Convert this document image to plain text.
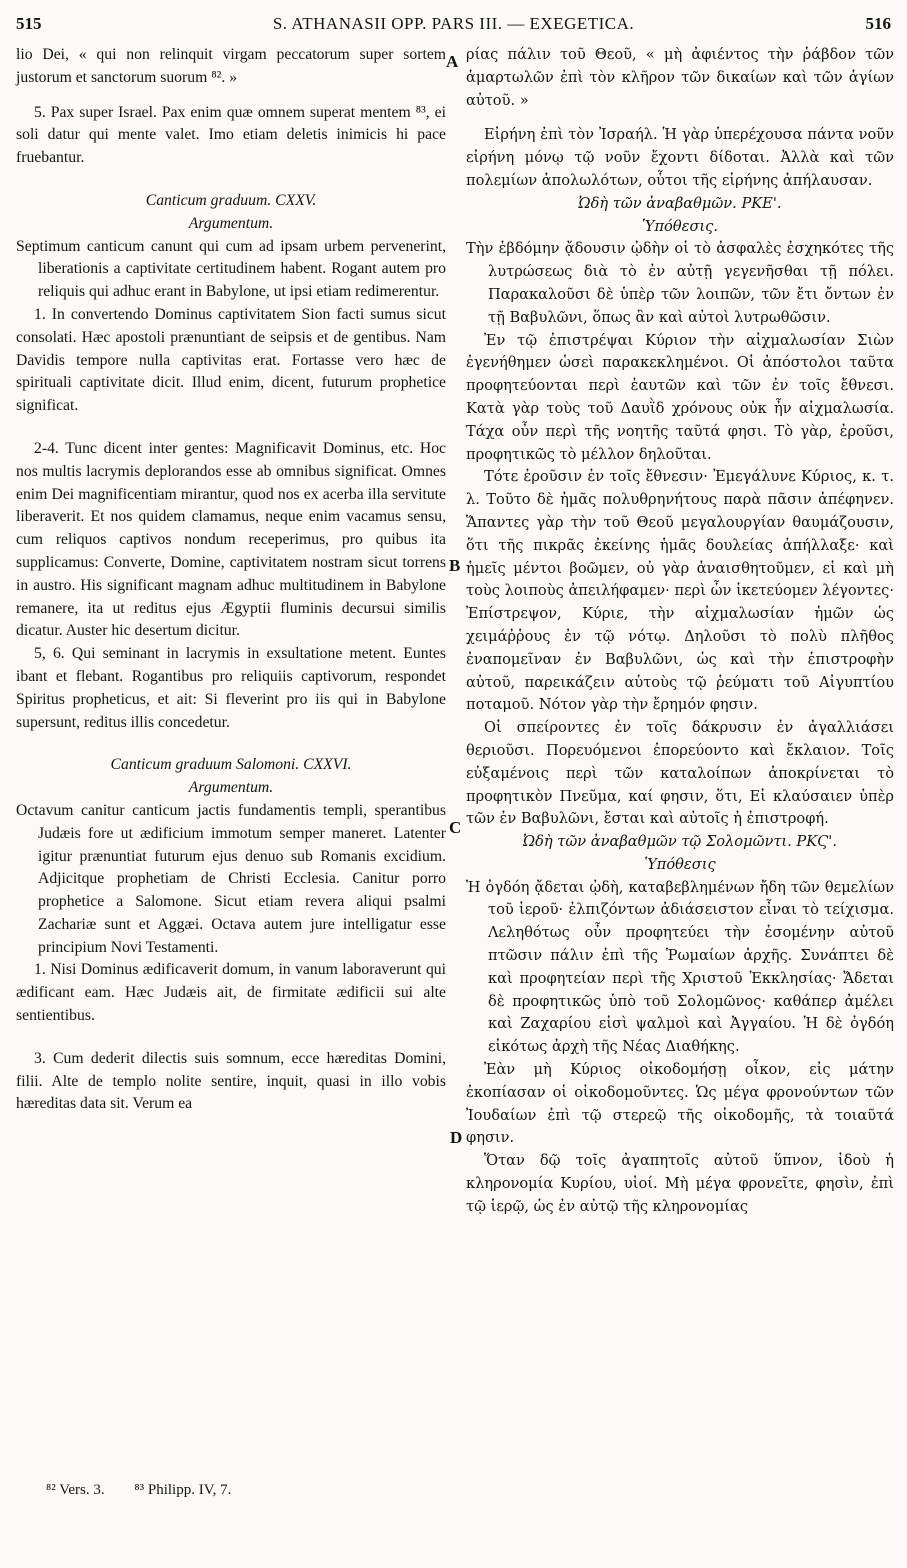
515	S. ATHANASII OPP. PARS III. — EXEGETICA.	516
A
B
C
D

lio Dei, « qui non relinquit virgam peccatorum super sortem justorum et sanctorum suorum ⁸². »

5. Pax super Israel. Pax enim quæ omnem superat mentem ⁸³, ei soli datur qui mente valet. Imo etiam deletis inimicis hi pace fruebantur.

Canticum graduum. CXXV.

Argumentum.

Septimum canticum canunt qui cum ad ipsam urbem pervenerint, liberationis a captivitate certitudinem habent. Rogant autem pro reliquis qui adhuc erant in Babylone, ut ipsi etiam redimerentur.

1. In convertendo Dominus captivitatem Sion facti sumus sicut consolati. Hæc apostoli prænuntiant de seipsis et de gentibus. Nam Davidis tempore nulla captivitas erat. Fortasse vero hæc de spirituali captivitate dicit. Illud enim, dicent, futurum prophetice significat.

2-4. Tunc dicent inter gentes: Magnificavit Dominus, etc. Hoc nos multis lacrymis deplorandos esse ab omnibus significat. Omnes enim Dei magnificentiam mirantur, quod nos ex acerba illa servitute liberaverit. Et nos quidem clamamus, neque enim vacamus sensu, cum reliquos captivos nondum receperimus, pro quibus ita supplicamus: Converte, Domine, captivitatem nostram sicut torrens in austro. His significant magnam adhuc multitudinem in Babylone remanere, ita ut reditus ejus Ægyptii fluminis decursui similis dicatur. Auster hic desertum dicitur.

5, 6. Qui seminant in lacrymis in exsultatione metent. Euntes ibant et flebant. Rogantibus pro reliquiis captivorum, respondet Spiritus propheticus, et ait: Si fleverint pro iis qui in Babylone supersunt, reditus illis concedetur.

Canticum graduum Salomoni. CXXVI.

Argumentum.

Octavum canitur canticum jactis fundamentis templi, sperantibus Judæis fore ut ædificium immotum semper maneret. Latenter igitur prænuntiat futurum ejus denuo sub Romanis excidium. Adjicitque prophetiam de Christi Ecclesia. Canitur porro prophetice a Salomone. Sicut etiam revera aliqui psalmi Zachariæ sunt et Aggæi. Octava autem jure intelligatur esse principium Novi Testamenti.

1. Nisi Dominus ædificaverit domum, in vanum laboraverunt qui ædificant eam. Hæc Judæis ait, de firmitate ædificii sui alte sentientibus.

3. Cum dederit dilectis suis somnum, ecce hæreditas Domini, filii. Alte de templo nolite sentire, inquit, quasi in illo vobis hæreditas data sit. Verum ea

ρίας πάλιν τοῦ Θεοῦ, « μὴ ἀφιέντος τὴν ῥάβδον τῶν ἁμαρτωλῶν ἐπὶ τὸν κλῆρον τῶν δικαίων καὶ τῶν ἁγίων αὐτοῦ. »

Εἰρήνη ἐπὶ τὸν Ἰσραήλ. Ἡ γὰρ ὑπερέχουσα πάντα νοῦν εἰρήνη μόνῳ τῷ νοῦν ἔχοντι δίδοται. Ἀλλὰ καὶ τῶν πολεμίων ἀπολωλότων, οὗτοι τῆς εἰρήνης ἀπήλαυσαν.

Ὠδὴ τῶν ἀναβαθμῶν. ΡΚΕ'.

Ὑπόθεσις.

Τὴν ἑβδόμην ᾄδουσιν ᾠδὴν οἱ τὸ ἀσφαλὲς ἐσχηκότες τῆς λυτρώσεως διὰ τὸ ἐν αὐτῇ γεγενῆσθαι τῇ πόλει. Παρακαλοῦσι δὲ ὑπὲρ τῶν λοιπῶν, τῶν ἔτι ὄντων ἐν τῇ Βαβυλῶνι, ὅπως ἂν καὶ αὐτοὶ λυτρωθῶσιν.

Ἐν τῷ ἐπιστρέψαι Κύριον τὴν αἰχμαλωσίαν Σιὼν ἐγενήθημεν ὡσεὶ παρακεκλημένοι. Οἱ ἀπόστολοι ταῦτα προφητεύονται περὶ ἑαυτῶν καὶ τῶν ἐν τοῖς ἔθνεσι. Κατὰ γὰρ τοὺς τοῦ Δαυῒδ χρόνους οὐκ ἦν αἰχμαλωσία. Τάχα οὖν περὶ τῆς νοητῆς ταῦτά φησι. Τὸ γὰρ, ἐροῦσι, προφητικῶς τὸ μέλλον δηλοῦται.

Τότε ἐροῦσιν ἐν τοῖς ἔθνεσιν· Ἐμεγάλυνε Κύριος, κ. τ. λ. Τοῦτο δὲ ἡμᾶς πολυθρηνήτους παρὰ πᾶσιν ἀπέφηνεν. Ἅπαντες γὰρ τὴν τοῦ Θεοῦ μεγαλουργίαν θαυμάζουσιν, ὅτι τῆς πικρᾶς ἐκείνης ἡμᾶς δουλείας ἀπήλλαξε· καὶ ἡμεῖς μέντοι βοῶμεν, οὐ γὰρ ἀναισθητοῦμεν, εἰ καὶ μὴ τοὺς λοιποὺς ἀπειλήφαμεν· περὶ ὧν ἱκετεύομεν λέγοντες· Ἐπίστρεψον, Κύριε, τὴν αἰχμαλωσίαν ἡμῶν ὡς χειμάῤῥους ἐν τῷ νότῳ. Δηλοῦσι τὸ πολὺ πλῆθος ἐναπομεῖναν ἐν Βαβυλῶνι, ὡς καὶ τὴν ἐπιστροφὴν αὐτοῦ, παρεικάζειν αὐτοὺς τῷ ῥεύματι τοῦ Αἰγυπτίου ποταμοῦ. Νότον γὰρ τὴν ἔρημόν φησιν.

Οἱ σπείροντες ἐν τοῖς δάκρυσιν ἐν ἀγαλλιάσει θεριοῦσι. Πορευόμενοι ἐπορεύοντο καὶ ἔκλαιον. Τοῖς εὐξαμένοις περὶ τῶν καταλοίπων ἀποκρίνεται τὸ προφητικὸν Πνεῦμα, καί φησιν, ὅτι, Εἰ κλαύσαιεν ὑπὲρ τῶν ἐν Βαβυλῶνι, ἔσται καὶ αὐτοῖς ἡ ἐπιστροφή.

Ὠδὴ τῶν ἀναβαθμῶν τῷ Σολομῶντι. ΡΚϚ'.

Ὑπόθεσις

Ἡ ὀγδόη ᾄδεται ᾠδὴ, καταβεβλημένων ἤδη τῶν θεμελίων τοῦ ἱεροῦ· ἐλπιζόντων ἀδιάσειστον εἶναι τὸ τείχισμα. Λεληθότως οὖν προφητεύει τὴν ἐσομένην αὐτοῦ πτῶσιν πάλιν ἐπὶ τῆς Ῥωμαίων ἀρχῆς. Συνάπτει δὲ καὶ προφητείαν περὶ τῆς Χριστοῦ Ἐκκλησίας· Ἄδεται δὲ προφητικῶς ὑπὸ τοῦ Σολομῶνος· καθάπερ ἀμέλει καὶ Ζαχαρίου εἰσὶ ψαλμοὶ καὶ Ἀγγαίου. Ἡ δὲ ὀγδόη εἰκότως ἀρχὴ τῆς Νέας Διαθήκης.

Ἐὰν μὴ Κύριος οἰκοδομήσῃ οἶκον, εἰς μάτην ἐκοπίασαν οἱ οἰκοδομοῦντες. Ὡς μέγα φρονούντων τῶν Ἰουδαίων ἐπὶ τῷ στερεῷ τῆς οἰκοδομῆς, τὰ τοιαῦτά φησιν.

Ὅταν δῷ τοῖς ἀγαπητοῖς αὐτοῦ ὕπνον, ἰδοὺ ἡ κληρονομία Κυρίου, υἱοί. Μὴ μέγα φρονεῖτε, φησὶν, ἐπὶ τῷ ἱερῷ, ὡς ἐν αὐτῷ τῆς κληρονομίας

⁸² Vers. 3. ⁸³ Philipp. IV, 7.
